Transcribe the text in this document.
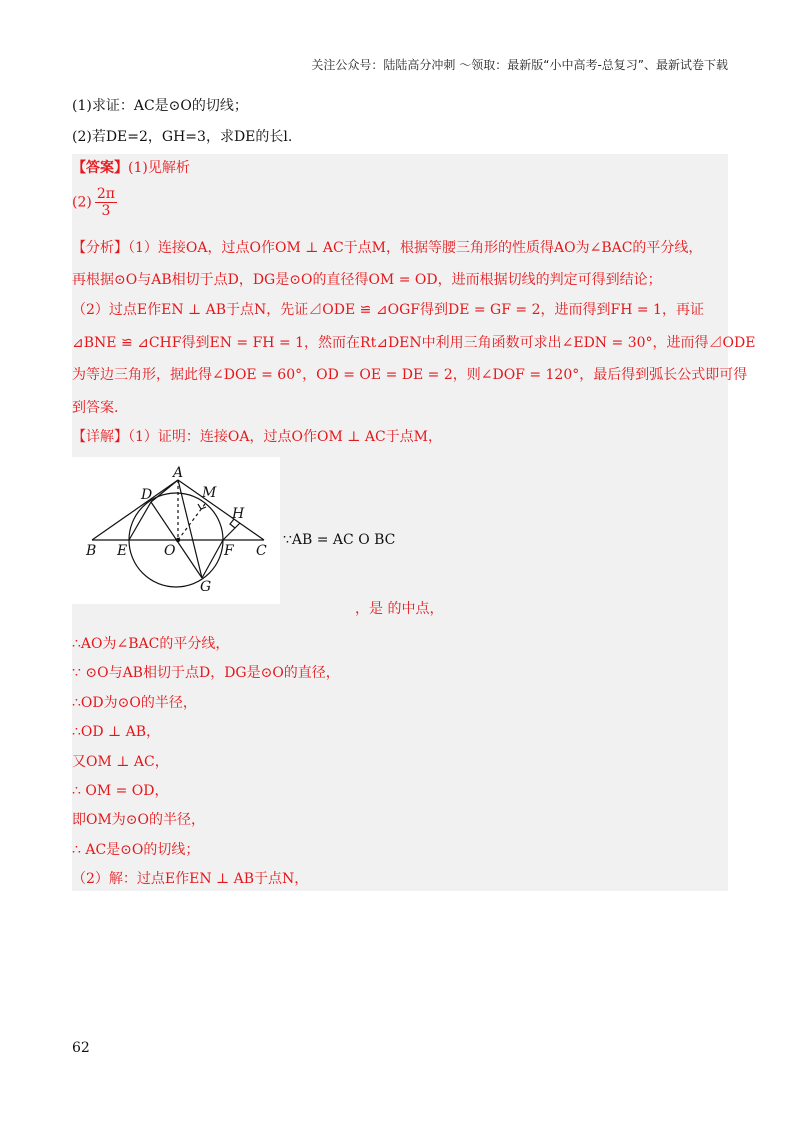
关注公众号：陆陆高分冲刺 ～领取：最新版“小中高考-总复习”、最新试卷下载
(1)求证：AC是⊙O的切线；
(2)若DE=2，GH=3，求DE的长l.
【答案】(1)见解析
$(2) \frac{2\pi}{3}$
【分析】（1）连接OA，过点O作OM ⊥ AC于点M，根据等腰三角形的性质得AO为∠BAC的平分线，
再根据⊙O与AB相切于点D，DG是⊙O的直径得OM = OD，进而根据切线的判定可得到结论；
（2）过点E作EN ⊥ AB于点N，先证⊿ODE ≌ ⊿OGF得到DE = GF = 2，进而得到FH = 1，再证
⊿BNE ≌ ⊿CHF得到EN = FH = 1，然而在Rt⊿DEN中利用三角函数可求出∠EDN = 30°，进而得⊿ODE
为等边三角形，据此得∠DOE = 60°，OD = OE = DE = 2，则∠DOF = 120°，最后得到弧长公式即可得
到答案.
【详解】（1）证明：连接OA，过点O作OM ⊥ AC于点M，
A
B	C
D
E	F
G
H
M
O
∵AB = AC O BC
，是 的中点，
∴AO为∠BAC的平分线，
∵ ⊙O与AB相切于点D，DG是⊙O的直径，
∴OD为⊙O的半径，
∴OD ⊥ AB，
又OM ⊥ AC，
∴ OM = OD，
即OM为⊙O的半径，
∴ AC是⊙O的切线；
（2）解：过点E作EN ⊥ AB于点N，
62
